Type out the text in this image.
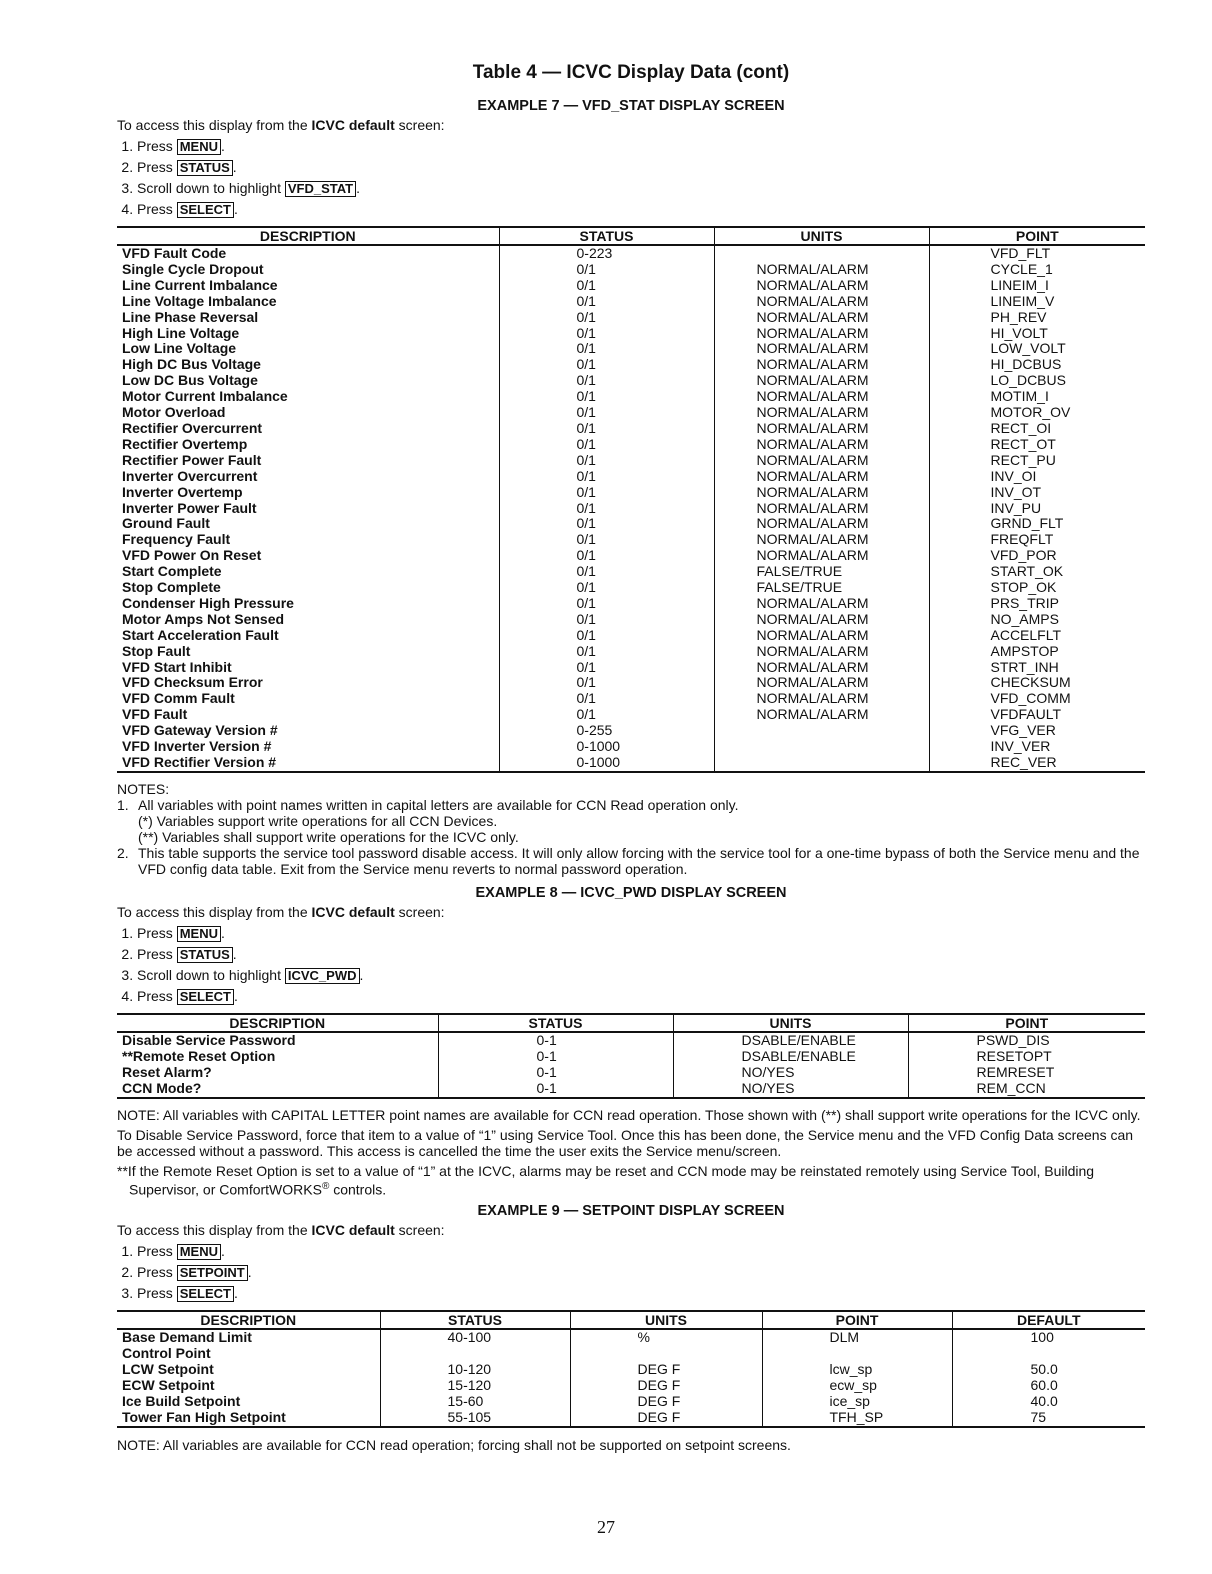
Table 4 — ICVC Display Data (cont)
EXAMPLE 7 — VFD_STAT DISPLAY SCREEN

To access this display from the ICVC default screen:

1. Press MENU .
2. Press STATUS .
3. Scroll down to highlight VFD_STAT .
4. Press SELECT .
DESCRIPTION	STATUS	UNITS	POINT
VFD Fault Code	0-223		VFD_FLT
Single Cycle Dropout	0/1	NORMAL/ALARM	CYCLE_1
Line Current Imbalance	0/1	NORMAL/ALARM	LINEIM_I
Line Voltage Imbalance	0/1	NORMAL/ALARM	LINEIM_V
Line Phase Reversal	0/1	NORMAL/ALARM	PH_REV
High Line Voltage	0/1	NORMAL/ALARM	HI_VOLT
Low Line Voltage	0/1	NORMAL/ALARM	LOW_VOLT
High DC Bus Voltage	0/1	NORMAL/ALARM	HI_DCBUS
Low DC Bus Voltage	0/1	NORMAL/ALARM	LO_DCBUS
Motor Current Imbalance	0/1	NORMAL/ALARM	MOTIM_I
Motor Overload	0/1	NORMAL/ALARM	MOTOR_OV
Rectifier Overcurrent	0/1	NORMAL/ALARM	RECT_OI
Rectifier Overtemp	0/1	NORMAL/ALARM	RECT_OT
Rectifier Power Fault	0/1	NORMAL/ALARM	RECT_PU
Inverter Overcurrent	0/1	NORMAL/ALARM	INV_OI
Inverter Overtemp	0/1	NORMAL/ALARM	INV_OT
Inverter Power Fault	0/1	NORMAL/ALARM	INV_PU
Ground Fault	0/1	NORMAL/ALARM	GRND_FLT
Frequency Fault	0/1	NORMAL/ALARM	FREQFLT
VFD Power On Reset	0/1	NORMAL/ALARM	VFD_POR
Start Complete	0/1	FALSE/TRUE	START_OK
Stop Complete	0/1	FALSE/TRUE	STOP_OK
Condenser High Pressure	0/1	NORMAL/ALARM	PRS_TRIP
Motor Amps Not Sensed	0/1	NORMAL/ALARM	NO_AMPS
Start Acceleration Fault	0/1	NORMAL/ALARM	ACCELFLT
Stop Fault	0/1	NORMAL/ALARM	AMPSTOP
VFD Start Inhibit	0/1	NORMAL/ALARM	STRT_INH
VFD Checksum Error	0/1	NORMAL/ALARM	CHECKSUM
VFD Comm Fault	0/1	NORMAL/ALARM	VFD_COMM
VFD Fault	0/1	NORMAL/ALARM	VFDFAULT
VFD Gateway Version #	0-255		VFG_VER
VFD Inverter Version #	0-1000		INV_VER
VFD Rectifier Version #	0-1000		REC_VER

NOTES:

1. All variables with point names written in capital letters are available for CCN Read operation only.

(*) Variables support write operations for all CCN Devices.

(**) Variables shall support write operations for the ICVC only.

2. This table supports the service tool password disable access. It will only allow forcing with the service tool for a one-time bypass of both the Service menu and the VFD config data table. Exit from the Service menu reverts to normal password operation.
EXAMPLE 8 — ICVC_PWD DISPLAY SCREEN

To access this display from the ICVC default screen:

1. Press MENU .
2. Press STATUS .
3. Scroll down to highlight ICVC_PWD .
4. Press SELECT .
DESCRIPTION	STATUS	UNITS	POINT
Disable Service Password	0-1	DSABLE/ENABLE	PSWD_DIS
**Remote Reset Option	0-1	DSABLE/ENABLE	RESETOPT
Reset Alarm?	0-1	NO/YES	REMRESET
CCN Mode?	0-1	NO/YES	REM_CCN

NOTE: All variables with CAPITAL LETTER point names are available for CCN read operation. Those shown with (**) shall support write operations for the ICVC only.

To Disable Service Password, force that item to a value of “1” using Service Tool. Once this has been done, the Service menu and the VFD Config Data screens can be accessed without a password. This access is cancelled the time the user exits the Service menu/screen.

**If the Remote Reset Option is set to a value of “1” at the ICVC, alarms may be reset and CCN mode may be reinstated remotely using Service Tool, Building Supervisor, or ComfortWORKS® controls.

EXAMPLE 9 — SETPOINT DISPLAY SCREEN

To access this display from the ICVC default screen:

1. Press MENU .
2. Press SETPOINT .
3. Press SELECT .
DESCRIPTION	STATUS	UNITS	POINT	DEFAULT
Base Demand Limit	40-100	%	DLM	100
Control Point				
LCW Setpoint	10-120	DEG F	lcw_sp	50.0
ECW Setpoint	15-120	DEG F	ecw_sp	60.0
Ice Build Setpoint	15-60	DEG F	ice_sp	40.0
Tower Fan High Setpoint	55-105	DEG F	TFH_SP	75

NOTE: All variables are available for CCN read operation; forcing shall not be supported on setpoint screens.

27
